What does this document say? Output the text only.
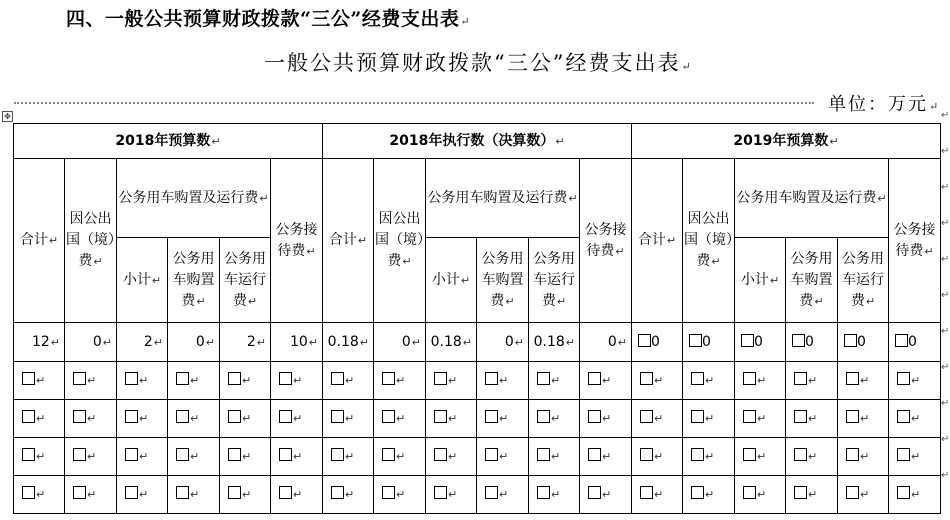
四、一般公共预算财政拨款“三公”经费支出表↵
一般公共预算财政拨款“三公”经费支出表↵
单位：万元↵
✥	↵
↵
↵
↵
↵
↵
↵
↵
↵
↵
↵
2018年预算数↵						2018年执行数（决算数）↵						2019年预算数↵					
合计↵	因公出国（境）费↵	公务用车购置及运行费↵			公务接待费↵	合计↵	因公出国（境）费↵	公务用车购置及运行费↵			公务接待费↵	合计↵	因公出国（境）费↵	公务用车购置及运行费↵			公务接待费↵
		小计↵	公务用车购置费↵	公务用车运行费↵				小计↵	公务用车购置费↵	公务用车运行费↵				小计↵	公务用车购置费↵	公务用车运行费↵	
12↵	0↵	2↵	0↵	2↵	10↵	0.18↵	0↵	0.18↵	0↵	0.18↵	0↵	0	0	0	0	0	0
↵	↵	↵	↵	↵	↵	↵	↵	↵	↵	↵	↵	↵	↵	↵	↵	↵	↵
↵	↵	↵	↵	↵	↵	↵	↵	↵	↵	↵	↵	↵	↵	↵	↵	↵	↵
↵	↵	↵	↵	↵	↵	↵	↵	↵	↵	↵	↵	↵	↵	↵	↵	↵	↵
↵	↵	↵	↵	↵	↵	↵	↵	↵	↵	↵	↵	↵	↵	↵	↵	↵	↵
